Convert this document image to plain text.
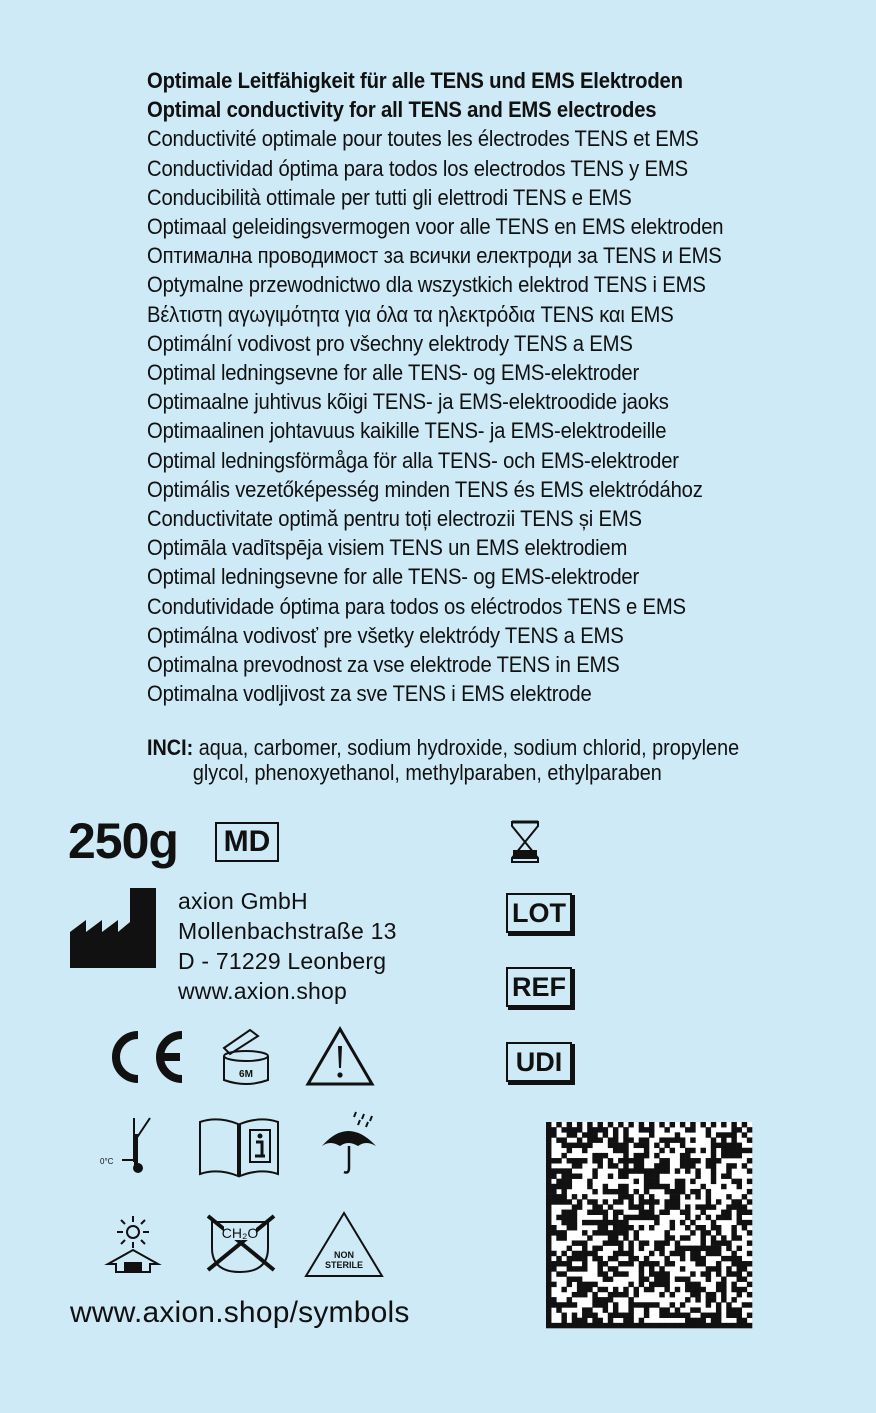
Optimale Leitfähigkeit für alle TENS und EMS Elektroden
Optimal conductivity for all TENS and EMS electrodes
Conductivité optimale pour toutes les électrodes TENS et EMS
Conductividad óptima para todos los electrodos TENS y EMS
Conducibilità ottimale per tutti gli elettrodi TENS e EMS
Optimaal geleidingsvermogen voor alle TENS en EMS elektroden
Оптимална проводимост за всички електроди за TENS и EMS
Optymalne przewodnictwo dla wszystkich elektrod TENS i EMS
Βέλτιστη αγωγιμότητα για όλα τα ηλεκτρόδια TENS και EMS
Optimální vodivost pro všechny elektrody TENS a EMS
Optimal ledningsevne for alle TENS- og EMS-elektroder
Optimaalne juhtivus kõigi TENS- ja EMS-elektroodide jaoks
Optimaalinen johtavuus kaikille TENS- ja EMS-elektrodeille
Optimal ledningsförmåga för alla TENS- och EMS-elektroder
Optimális vezetőképesség minden TENS és EMS elektródához
Conductivitate optimă pentru toți electrozii TENS și EMS
Optimāla vadītspēja visiem TENS un EMS elektrodiem
Optimal ledningsevne for alle TENS- og EMS-elektroder
Condutividade óptima para todos os eléctrodos TENS e EMS
Optimálna vodivosť pre všetky elektródy TENS a EMS
Optimalna prevodnost za vse elektrode TENS in EMS
Optimalna vodljivost za sve TENS i EMS elektrode
INCI: aqua, carbomer, sodium hydroxide, sodium chlorid, propylene
glycol, phenoxyethanol, methylparaben, ethylparaben
250g MD
axion GmbH
Mollenbachstraße 13
D - 71229 Leonberg
www.axion.shop
LOT
REF
UDI
6M
0°C
CH₂O
NON
STERILE
www.axion.shop/symbols
